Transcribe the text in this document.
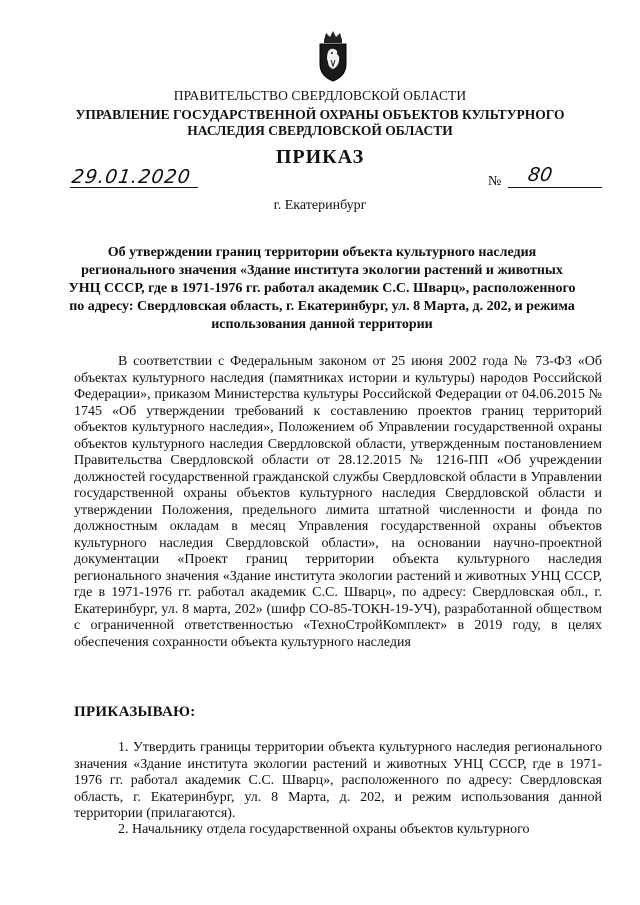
ПРАВИТЕЛЬСТВО СВЕРДЛОВСКОЙ ОБЛАСТИ
УПРАВЛЕНИЕ ГОСУДАРСТВЕННОЙ ОХРАНЫ ОБЪЕКТОВ КУЛЬТУРНОГО НАСЛЕДИЯ СВЕРДЛОВСКОЙ ОБЛАСТИ
ПРИКАЗ
29.01.2020	№	80
г. Екатеринбург
Об утверждении границ территории объекта культурного наследия регионального значения «Здание института экологии растений и животных УНЦ СССР, где в 1971-1976 гг. работал академик С.С. Шварц», расположенного по адресу: Свердловская область, г. Екатеринбург, ул. 8 Марта, д. 202, и режима использования данной территории

В соответствии с Федеральным законом от 25 июня 2002 года № 73-ФЗ «Об объектах культурного наследия (памятниках истории и культуры) народов Российской Федерации», приказом Министерства культуры Российской Федерации от 04.06.2015 № 1745 «Об утверждении требований к составлению проектов границ территорий объектов культурного наследия», Положением об Управлении государственной охраны объектов культурного наследия Свердловской области, утвержденным постановлением Правительства Свердловской области от 28.12.2015 № 1216-ПП «Об учреждении должностей государственной гражданской службы Свердловской области в Управлении государственной охраны объектов культурного наследия Свердловской области и утверждении Положения, предельного лимита штатной численности и фонда по должностным окладам в месяц Управления государственной охраны объектов культурного наследия Свердловской области», на основании научно-проектной документации «Проект границ территории объекта культурного наследия регионального значения «Здание института экологии растений и животных УНЦ СССР, где в 1971-1976 гг. работал академик С.С. Шварц», по адресу: Свердловская обл., г. Екатеринбург, ул. 8 марта, 202» (шифр СО-85-ТОКН-19-УЧ), разработанной обществом с ограниченной ответственностью «ТехноСтройКомплект» в 2019 году, в целях обеспечения сохранности объекта культурного наследия

ПРИКАЗЫВАЮ:

1. Утвердить границы территории объекта культурного наследия регионального значения «Здание института экологии растений и животных УНЦ СССР, где в 1971-1976 гг. работал академик С.С. Шварц», расположенного по адресу: Свердловская область, г. Екатеринбург, ул. 8 Марта, д. 202, и режим использования данной территории (прилагаются).

2. Начальнику отдела государственной охраны объектов культурного
